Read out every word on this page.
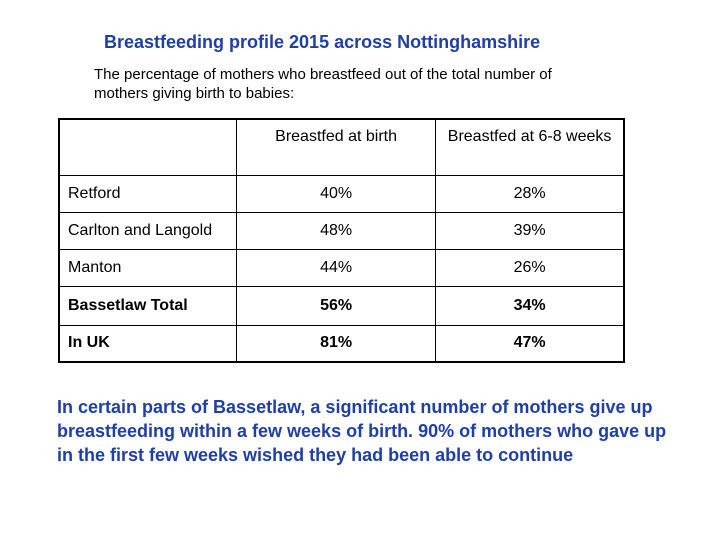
Breastfeeding profile 2015 across Nottinghamshire
The percentage of mothers who breastfeed out of the total number of mothers giving birth to babies:
	Breastfed at birth	Breastfed at 6-8 weeks
Retford	40%	28%
Carlton and Langold	48%	39%
Manton	44%	26%
Bassetlaw Total	56%	34%
In UK	81%	47%
In certain parts of Bassetlaw, a significant number of mothers give up breastfeeding within a few weeks of birth. 90% of mothers who gave up in the first few weeks wished they had been able to continue
